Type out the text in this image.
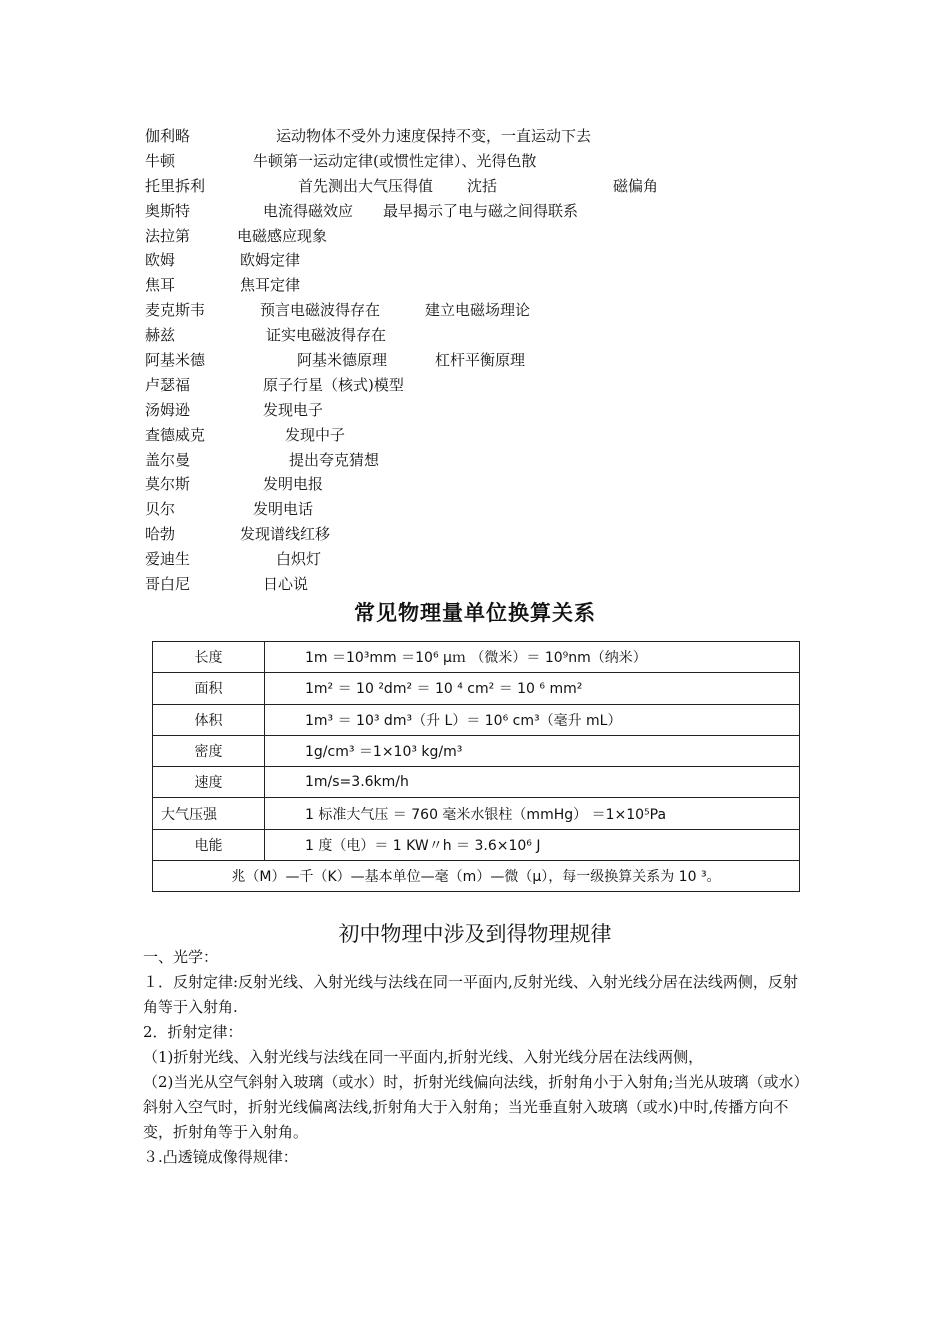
伽利略	运动物体不受外力速度保持不变，一直运动下去
牛顿	牛顿第一运动定律(或惯性定律）、光得色散
托里拆利	首先测出大气压得值 沈括	磁偏角
奥斯特	电流得磁效应 最早揭示了电与磁之间得联系
法拉第	电磁感应现象
欧姆	欧姆定律
焦耳	焦耳定律
麦克斯韦	预言电磁波得存在	建立电磁场理论
赫兹	证实电磁波得存在
阿基米德	阿基米德原理	杠杆平衡原理
卢瑟福	原子行星（核式)模型
汤姆逊	发现电子
查德威克	发现中子
盖尔曼	提出夸克猜想
莫尔斯	发明电报
贝尔	发明电话
哈勃	发现谱线红移
爱迪生	白炽灯
哥白尼	日心说
常见物理量单位换算关系
长度	1m ＝10³mm ＝10⁶ μｍ （微米）＝ 10⁹nm（纳米）
面积	1m² ＝ 10 ²dm² ＝ 10 ⁴ cm² ＝ 10 ⁶ mm²
体积	1m³ ＝ 10³ dm³（升 L）＝ 10⁶ cm³（毫升 mL）
密度	1g/cm³ ＝1×10³ kg/m³
速度	1m/s=3.6km/h
大气压强	1 标准大气压 ＝ 760 毫米水银柱（mmHg） ＝1×10⁵Pa
电能	1 度（电）＝ 1 KW〃h ＝ 3.6×10⁶ J
兆（M）—千（K）—基本单位—毫（m）—微（μ），每一级换算关系为 10 ³。	
初中物理中涉及到得物理规律

一、光学：

１．反射定律:反射光线、入射光线与法线在同一平面内,反射光线、入射光线分居在法线两侧，反射角等于入射角.

2．折射定律：

（1)折射光线、入射光线与法线在同一平面内,折射光线、入射光线分居在法线两侧，

（2)当光从空气斜射入玻璃（或水）时，折射光线偏向法线，折射角小于入射角;当光从玻璃（或水）斜射入空气时，折射光线偏离法线,折射角大于入射角；当光垂直射入玻璃（或水)中时,传播方向不变，折射角等于入射角。

３.凸透镜成像得规律：
